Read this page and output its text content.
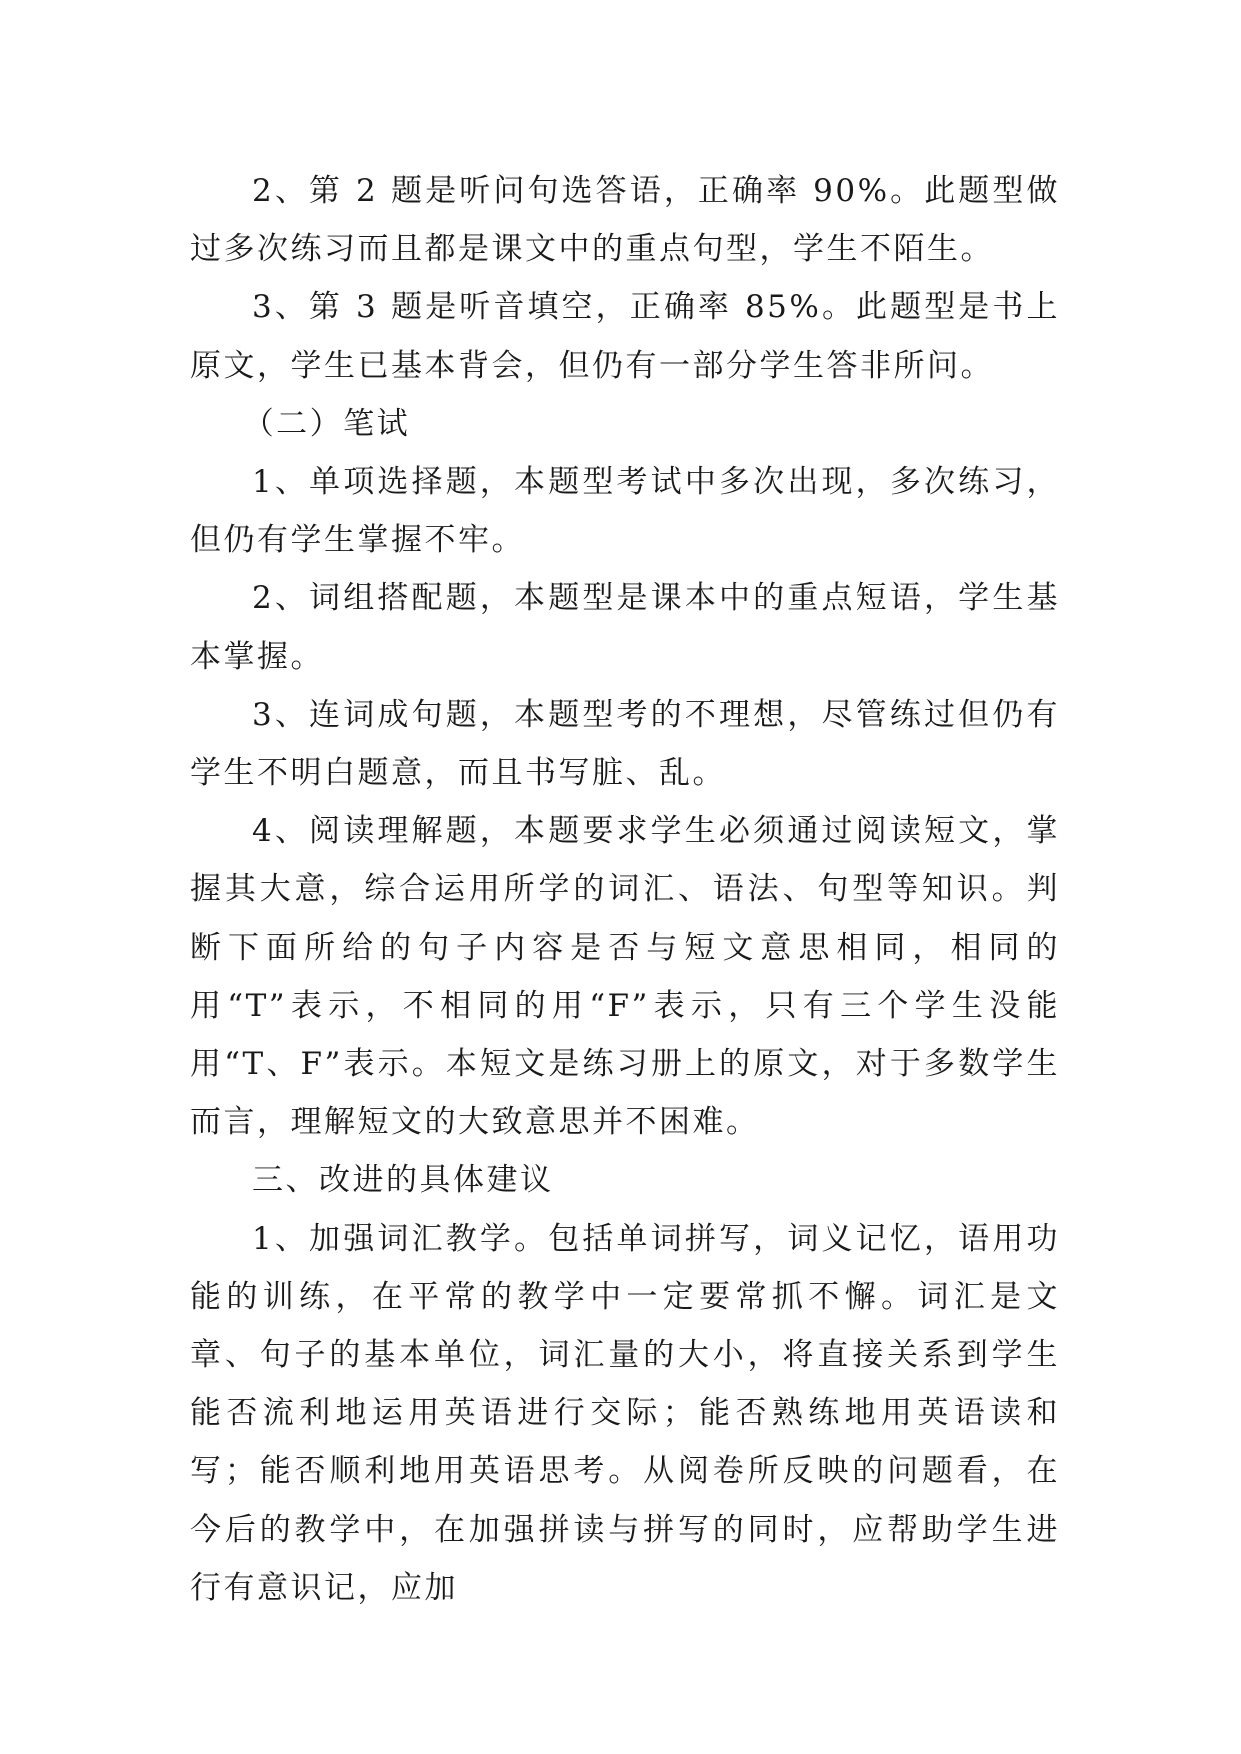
2、第 2 题是听问句选答语，正确率 90%。此题型做过多次练习而且都是课文中的重点句型，学生不陌生。

3、第 3 题是听音填空，正确率 85%。此题型是书上原文，学生已基本背会，但仍有一部分学生答非所问。

（二）笔试

1、单项选择题，本题型考试中多次出现，多次练习，但仍有学生掌握不牢。

2、词组搭配题，本题型是课本中的重点短语，学生基本掌握。

3、连词成句题，本题型考的不理想，尽管练过但仍有学生不明白题意，而且书写脏、乱。

4、阅读理解题，本题要求学生必须通过阅读短文，掌握其大意，综合运用所学的词汇、语法、句型等知识。判断下面所给的句子内容是否与短文意思相同，相同的用“T”表示，不相同的用“F”表示，只有三个学生没能用“T、F”表示。本短文是练习册上的原文，对于多数学生而言，理解短文的大致意思并不困难。

三、改进的具体建议

1、加强词汇教学。包括单词拼写，词义记忆，语用功能的训练，在平常的教学中一定要常抓不懈。词汇是文章、句子的基本单位，词汇量的大小，将直接关系到学生能否流利地运用英语进行交际；能否熟练地用英语读和写；能否顺利地用英语思考。从阅卷所反映的问题看，在今后的教学中，在加强拼读与拼写的同时，应帮助学生进行有意识记，应加
